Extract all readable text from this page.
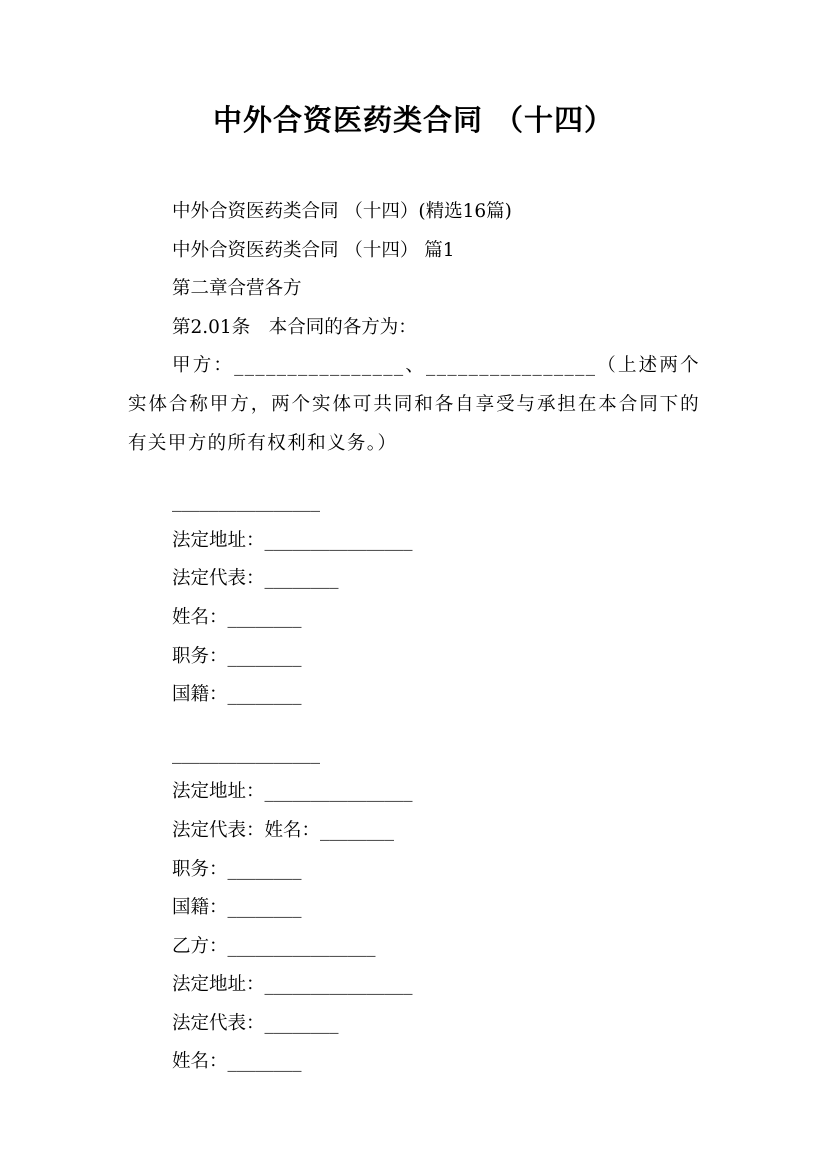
中外合资医药类合同 （十四）
中外合资医药类合同 （十四）(精选16篇)
中外合资医药类合同 （十四） 篇1
第二章合营各方
第2.01条　本合同的各方为：
甲方：________________、________________（上述两个实体合称甲方，两个实体可共同和各自享受与承担在本合同下的有关甲方的所有权利和义务。）
________________
法定地址：________________
法定代表：________
姓名：________
职务：________
国籍：________
________________
法定地址：________________
法定代表：姓名：________
职务：________
国籍：________
乙方：________________
法定地址：________________
法定代表：________
姓名：________
